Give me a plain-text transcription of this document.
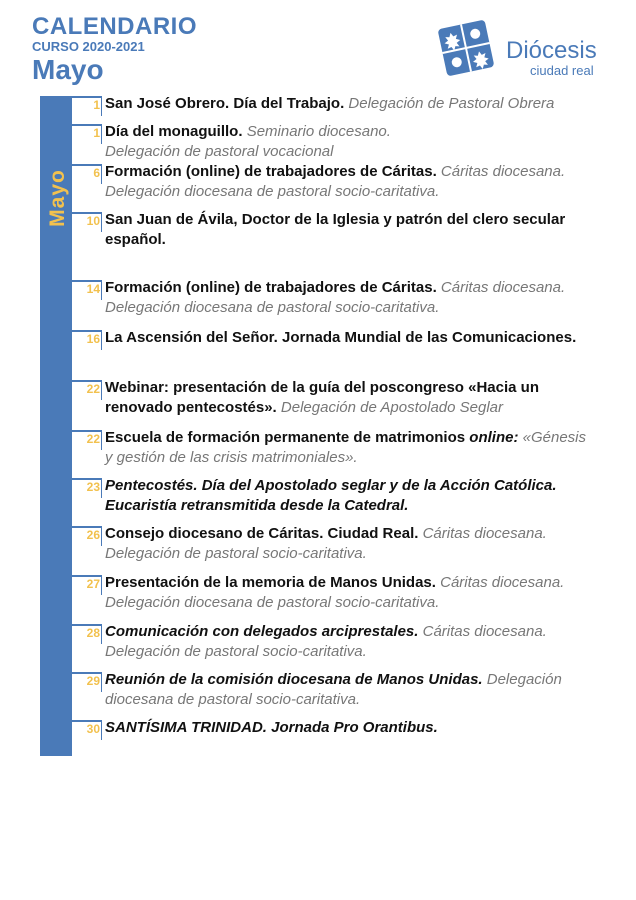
CALENDARIO
CURSO 2020-2021
Mayo
Diócesis
ciudad real
Mayo
1 San José Obrero. Día del Trabajo. Delegación de Pastoral Obrera
1 Día del monaguillo. Seminario diocesano. Delegación de pastoral vocacional
6 Formación (online) de trabajadores de Cáritas. Cáritas diocesana. Delegación diocesana de pastoral socio-caritativa.
10 San Juan de Ávila, Doctor de la Iglesia y patrón del clero secular español.
14 Formación (online) de trabajadores de Cáritas. Cáritas diocesana. Delegación diocesana de pastoral socio-caritativa.
16 La Ascensión del Señor. Jornada Mundial de las Comunicaciones.
22 Webinar: presentación de la guía del poscongreso «Hacia un renovado pentecostés». Delegación de Apostolado Seglar
22 Escuela de formación permanente de matrimonios online: «Génesis y gestión de las crisis matrimoniales».
23 Pentecostés. Día del Apostolado seglar y de la Acción Católica. Eucaristía retransmitida desde la Catedral.
26 Consejo diocesano de Cáritas. Ciudad Real. Cáritas diocesana. Delegación de pastoral socio-caritativa.
27 Presentación de la memoria de Manos Unidas. Cáritas diocesana. Delegación diocesana de pastoral socio-caritativa.
28 Comunicación con delegados arciprestales. Cáritas diocesana. Delegación de pastoral socio-caritativa.
29 Reunión de la comisión diocesana de Manos Unidas. Delegación diocesana de pastoral socio-caritativa.
30 SANTÍSIMA TRINIDAD. Jornada Pro Orantibus.
